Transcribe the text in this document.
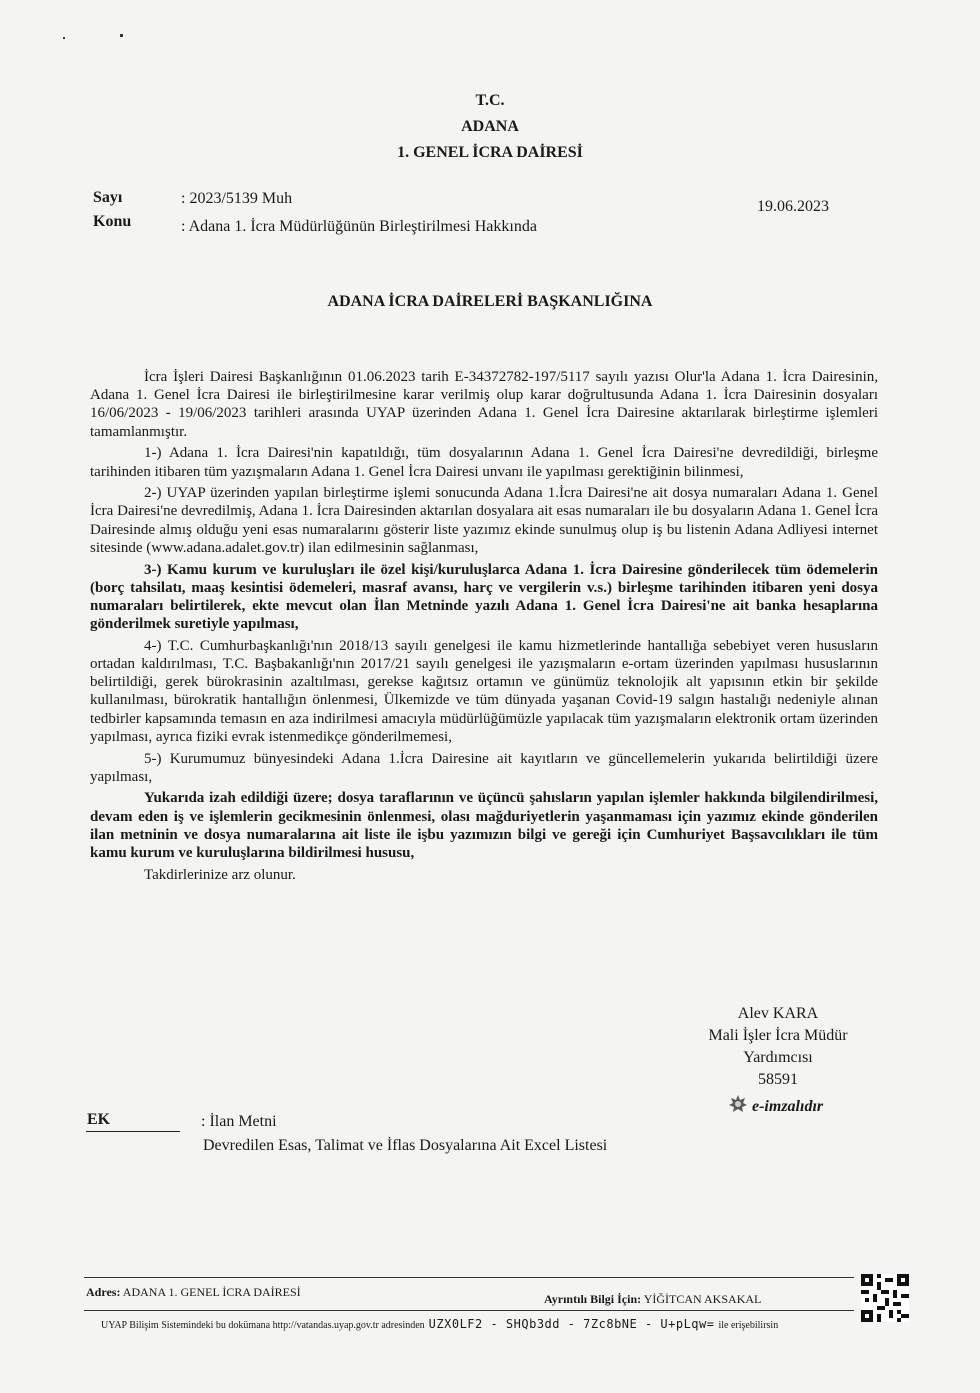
T.C.
ADANA
1. GENEL İCRA DAİRESİ
Sayı	: 2023/5139 Muh
Konu	: Adana 1. İcra Müdürlüğünün Birleştirilmesi Hakkında
19.06.2023
ADANA İCRA DAİRELERİ BAŞKANLIĞINA

İcra İşleri Dairesi Başkanlığının 01.06.2023 tarih E-34372782-197/5117 sayılı yazısı Olur'la Adana 1. İcra Dairesinin, Adana 1. Genel İcra Dairesi ile birleştirilmesine karar verilmiş olup karar doğrultusunda Adana 1. İcra Dairesinin dosyaları 16/06/2023 - 19/06/2023 tarihleri arasında UYAP üzerinden Adana 1. Genel İcra Dairesine aktarılarak birleştirme işlemleri tamamlanmıştır.

1-) Adana 1. İcra Dairesi'nin kapatıldığı, tüm dosyalarının Adana 1. Genel İcra Dairesi'ne devredildiği, birleşme tarihinden itibaren tüm yazışmaların Adana 1. Genel İcra Dairesi unvanı ile yapılması gerektiğinin bilinmesi,

2-) UYAP üzerinden yapılan birleştirme işlemi sonucunda Adana 1.İcra Dairesi'ne ait dosya numaraları Adana 1. Genel İcra Dairesi'ne devredilmiş, Adana 1. İcra Dairesinden aktarılan dosyalara ait esas numaraları ile bu dosyaların Adana 1. Genel İcra Dairesinde almış olduğu yeni esas numaralarını gösterir liste yazımız ekinde sunulmuş olup iş bu listenin Adana Adliyesi internet sitesinde (www.adana.adalet.gov.tr) ilan edilmesinin sağlanması,

3-) Kamu kurum ve kuruluşları ile özel kişi/kuruluşlarca Adana 1. İcra Dairesine gönderilecek tüm ödemelerin (borç tahsilatı, maaş kesintisi ödemeleri, masraf avansı, harç ve vergilerin v.s.) birleşme tarihinden itibaren yeni dosya numaraları belirtilerek, ekte mevcut olan İlan Metninde yazılı Adana 1. Genel İcra Dairesi'ne ait banka hesaplarına gönderilmek suretiyle yapılması,

4-) T.C. Cumhurbaşkanlığı'nın 2018/13 sayılı genelgesi ile kamu hizmetlerinde hantallığa sebebiyet veren hususların ortadan kaldırılması, T.C. Başbakanlığı'nın 2017/21 sayılı genelgesi ile yazışmaların e-ortam üzerinden yapılması hususlarının belirtildiği, gerek bürokrasinin azaltılması, gerekse kağıtsız ortamın ve günümüz teknolojik alt yapısının etkin bir şekilde kullanılması, bürokratik hantallığın önlenmesi, Ülkemizde ve tüm dünyada yaşanan Covid-19 salgın hastalığı nedeniyle alınan tedbirler kapsamında temasın en aza indirilmesi amacıyla müdürlüğümüzle yapılacak tüm yazışmaların elektronik ortam üzerinden yapılması, ayrıca fiziki evrak istenmedikçe gönderilmemesi,

5-) Kurumumuz bünyesindeki Adana 1.İcra Dairesine ait kayıtların ve güncellemelerin yukarıda belirtildiği üzere yapılması,

Yukarıda izah edildiği üzere; dosya taraflarının ve üçüncü şahısların yapılan işlemler hakkında bilgilendirilmesi, devam eden iş ve işlemlerin gecikmesinin önlenmesi, olası mağduriyetlerin yaşanmaması için yazımız ekinde gönderilen ilan metninin ve dosya numaralarına ait liste ile işbu yazımızın bilgi ve gereği için Cumhuriyet Başsavcılıkları ile tüm kamu kurum ve kuruluşlarına bildirilmesi hususu,

Takdirlerinize arz olunur.

Alev KARA
Mali İşler İcra Müdür
Yardımcısı
58591
e-imzalıdır
EK	: İlan Metni
Devredilen Esas, Talimat ve İflas Dosyalarına Ait Excel Listesi
Adres: ADANA 1. GENEL İCRA DAİRESİ	Ayrıntılı Bilgi İçin: YİĞİTCAN AKSAKAL
UYAP Bilişim Sistemindeki bu dokümana http://vatandas.uyap.gov.tr adresinden UZX0LF2 - SHQb3dd - 7Zc8bNE - U+pLqw= ile erişebilirsin
